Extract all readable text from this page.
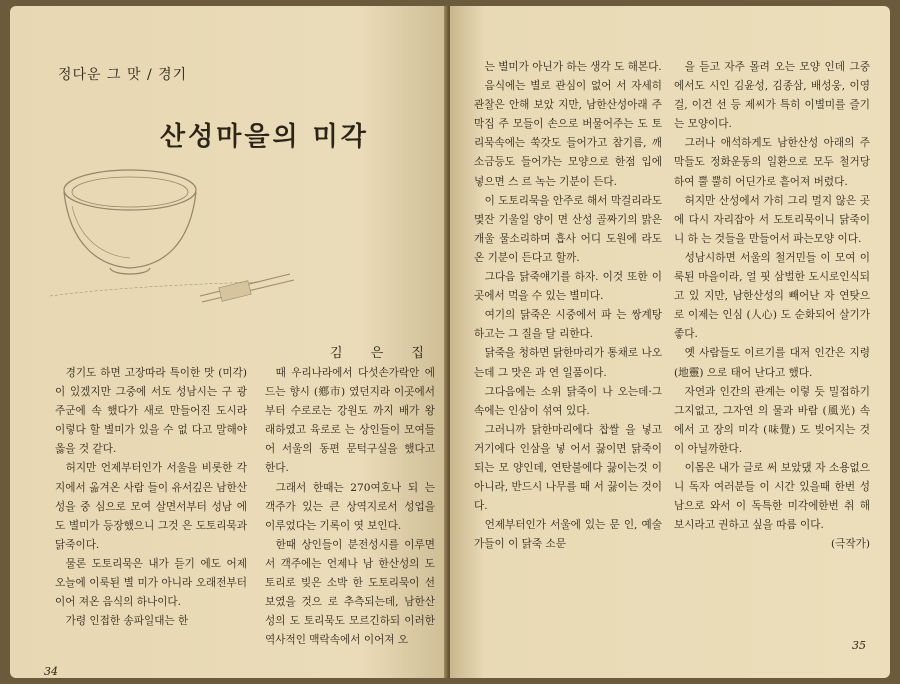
정다운 그 맛 / 경기
산성마을의 미각
김 은 집

경기도 하면 고장따라 특이한 맛 (미각) 이 있겠지만 그중에 서도 성남시는 구 광주군에 속 했다가 새로 만들어진 도시라 이렇다 할 별미가 있을 수 없 다고 말해야 옳을 것 같다.

허지만 언제부터인가 서울을 비롯한 각지에서 옮겨온 사람 들이 유서깊은 남한산성을 중 심으로 모여 살면서부터 성남 에도 별미가 등장했으니 그것 은 도토리묵과 닭죽이다.

물론 도토리묵은 내가 듣기 에도 어제 오늘에 이룩된 별 미가 아니라 오래전부터 이어 져온 음식의 하나이다.

가령 인접한 송파일대는 한

때 우리나라에서 다섯손가락안 에 드는 향시 (鄕市) 였던지라 이곳에서부터 수로로는 강원도 까지 배가 왕래하였고 육로로 는 상인들이 모여들어 서울의 동편 문턱구실을 했다고 한다.

그래서 한때는 270여호나 되 는 객주가 있는 큰 상역지로서 성업을 이루었다는 기록이 엿 보인다.

한때 상인들이 분전성시를 이루면서 객주에는 언제나 남 한산성의 도토리로 빚은 소박 한 도토리묵이 선보였을 것으 로 추측되는데, 남한산성의 도 토리묵도 모르긴하되 이러한 역사적인 맥락속에서 이어져 오

34

는 별미가 아닌가 하는 생각 도 해본다.

음식에는 별로 관심이 없어 서 자세히 관찰은 안해 보았 지만, 남한산성아래 주막집 주 모들이 손으로 버물어주는 도 토리묵속에는 쑥갓도 들어가고 참기름, 깨소금등도 들어가는 모양으로 한점 입에 넣으면 스 르 녹는 기분이 든다.

이 도토리묵을 안주로 해서 막걸리라도 몇잔 기울일 양이 면 산성 골짜기의 맑은 개울 물소리하며 흡사 어디 도원에 라도 온 기분이 든다고 할까.

그다음 닭죽얘기를 하자. 이것 또한 이곳에서 먹을 수 있는 별미다.

여기의 닭죽은 시중에서 파 는 쌍계탕하고는 그 질을 달 리한다.

닭죽을 청하면 닭한마리가 통채로 나오는데 그 맛은 과 연 일품이다.

그다음에는 소위 닭죽이 나 오는데·그 속에는 인삼이 섞여 있다.

그러니까 닭한마리에다 찹쌀 을 넣고 거기에다 인삼을 넣 어서 끓이면 닭죽이 되는 모 양인데, 연탄불에다 끓이는것 이 아니라, 반드시 나무를 때 서 끓이는 것이다.

언제부터인가 서울에 있는 문 인, 예술가들이 이 닭죽 소문

을 듣고 자주 몰려 오는 모양 인데 그중에서도 시인 김윤성, 김종삼, 배성웅, 이영걸, 이건 선 등 제씨가 특히 이별미를 즐기는 모양이다.

그러나 애석하게도 남한산성 아래의 주막들도 정화운동의 일환으로 모두 철거당하여 뿔 뿔히 어딘가로 흩어져 버렸다.

허지만 산성에서 가히 그리 멀지 않은 곳에 다시 자리잡아 서 도토리묵이니 닭죽이니 하 는 것들을 만들어서 파는모양 이다.

성남시하면 서울의 철거민들 이 모여 이룩된 마을이라, 얼 핏 삼벌한 도시로인식되고 있 지만, 남한산성의 빼어난 자 연탓으로 이제는 인심 (人心) 도 순화되어 살기가 좋다.

옛 사람들도 이르기를 대저 인간은 지령 (地靈) 으로 태어 난다고 했다.

자연과 인간의 관계는 이렇 듯 밀접하기 그지없고, 그자연 의 물과 바람 (風光) 속에서 고 장의 미각 (味覺) 도 빚어지는 것이 아닐까한다.

이몸은 내가 글로 써 보았댔 자 소용없으니 독자 여러분들 이 시간 있을때 한번 성남으로 와서 이 독특한 미각에한번 취 해 보시라고 권하고 싶을 따름 이다.

(극작가)

35
